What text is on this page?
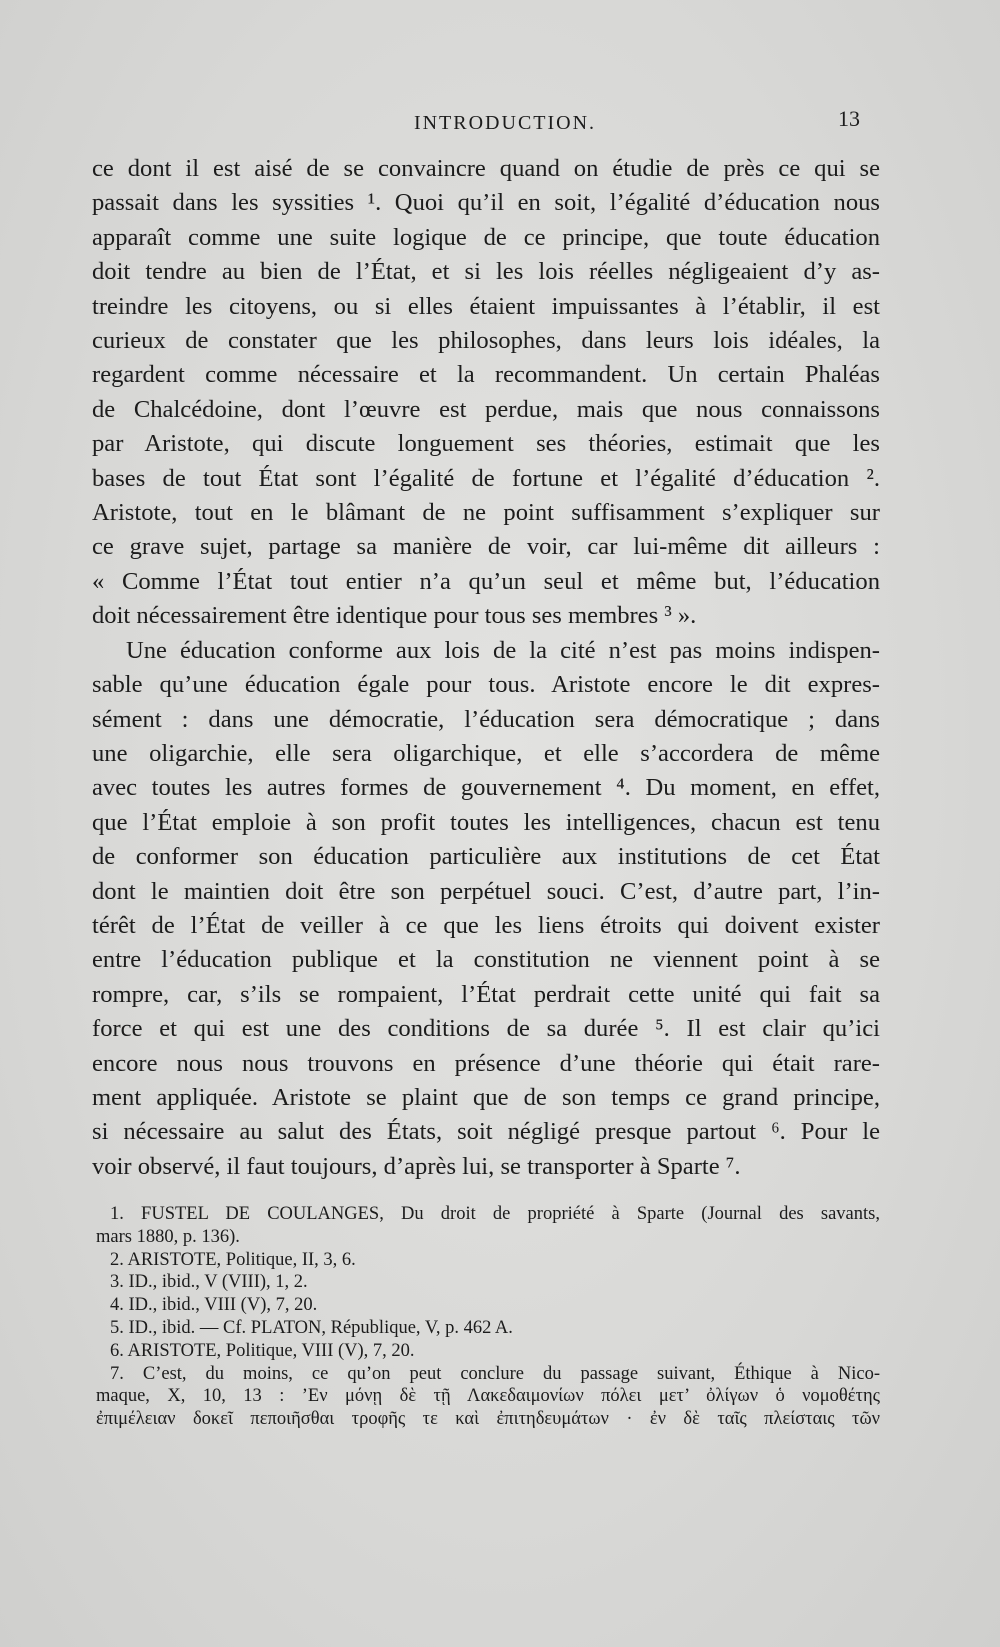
INTRODUCTION.	13
ce dont il est aisé de se convaincre quand on étudie de près ce qui se
passait dans les syssities ¹. Quoi qu’il en soit, l’égalité d’éducation nous
apparaît comme une suite logique de ce principe, que toute éducation
doit tendre au bien de l’État, et si les lois réelles négligeaient d’y as-
treindre les citoyens, ou si elles étaient impuissantes à l’établir, il est
curieux de constater que les philosophes, dans leurs lois idéales, la
regardent comme nécessaire et la recommandent. Un certain Phaléas
de Chalcédoine, dont l’œuvre est perdue, mais que nous connaissons
par Aristote, qui discute longuement ses théories, estimait que les
bases de tout État sont l’égalité de fortune et l’égalité d’éducation ².
Aristote, tout en le blâmant de ne point suffisamment s’expliquer sur
ce grave sujet, partage sa manière de voir, car lui-même dit ailleurs :
« Comme l’État tout entier n’a qu’un seul et même but, l’éducation
doit nécessairement être identique pour tous ses membres ³ ».
Une éducation conforme aux lois de la cité n’est pas moins indispen-
sable qu’une éducation égale pour tous. Aristote encore le dit expres-
sément : dans une démocratie, l’éducation sera démocratique ; dans
une oligarchie, elle sera oligarchique, et elle s’accordera de même
avec toutes les autres formes de gouvernement ⁴. Du moment, en effet,
que l’État emploie à son profit toutes les intelligences, chacun est tenu
de conformer son éducation particulière aux institutions de cet État
dont le maintien doit être son perpétuel souci. C’est, d’autre part, l’in-
térêt de l’État de veiller à ce que les liens étroits qui doivent exister
entre l’éducation publique et la constitution ne viennent point à se
rompre, car, s’ils se rompaient, l’État perdrait cette unité qui fait sa
force et qui est une des conditions de sa durée ⁵. Il est clair qu’ici
encore nous nous trouvons en présence d’une théorie qui était rare-
ment appliquée. Aristote se plaint que de son temps ce grand principe,
si nécessaire au salut des États, soit négligé presque partout ⁶. Pour le
voir observé, il faut toujours, d’après lui, se transporter à Sparte ⁷.
1. FUSTEL DE COULANGES, Du droit de propriété à Sparte (Journal des savants,
mars 1880, p. 136).
2. ARISTOTE, Politique, II, 3, 6.
3. ID., ibid., V (VIII), 1, 2.
4. ID., ibid., VIII (V), 7, 20.
5. ID., ibid. — Cf. PLATON, République, V, p. 462 A.
6. ARISTOTE, Politique, VIII (V), 7, 20.
7. C’est, du moins, ce qu’on peut conclure du passage suivant, Éthique à Nico-
maque, X, 10, 13 : ’Εν μόνῃ δὲ τῇ Λακεδαιμονίων πόλει μετ’ ὀλίγων ὁ νομοθέτης
ἐπιμέλειαν δοκεῖ πεποιῆσθαι τροφῆς τε καὶ ἐπιτηδευμάτων · ἐν δὲ ταῖς πλείσταις τῶν
